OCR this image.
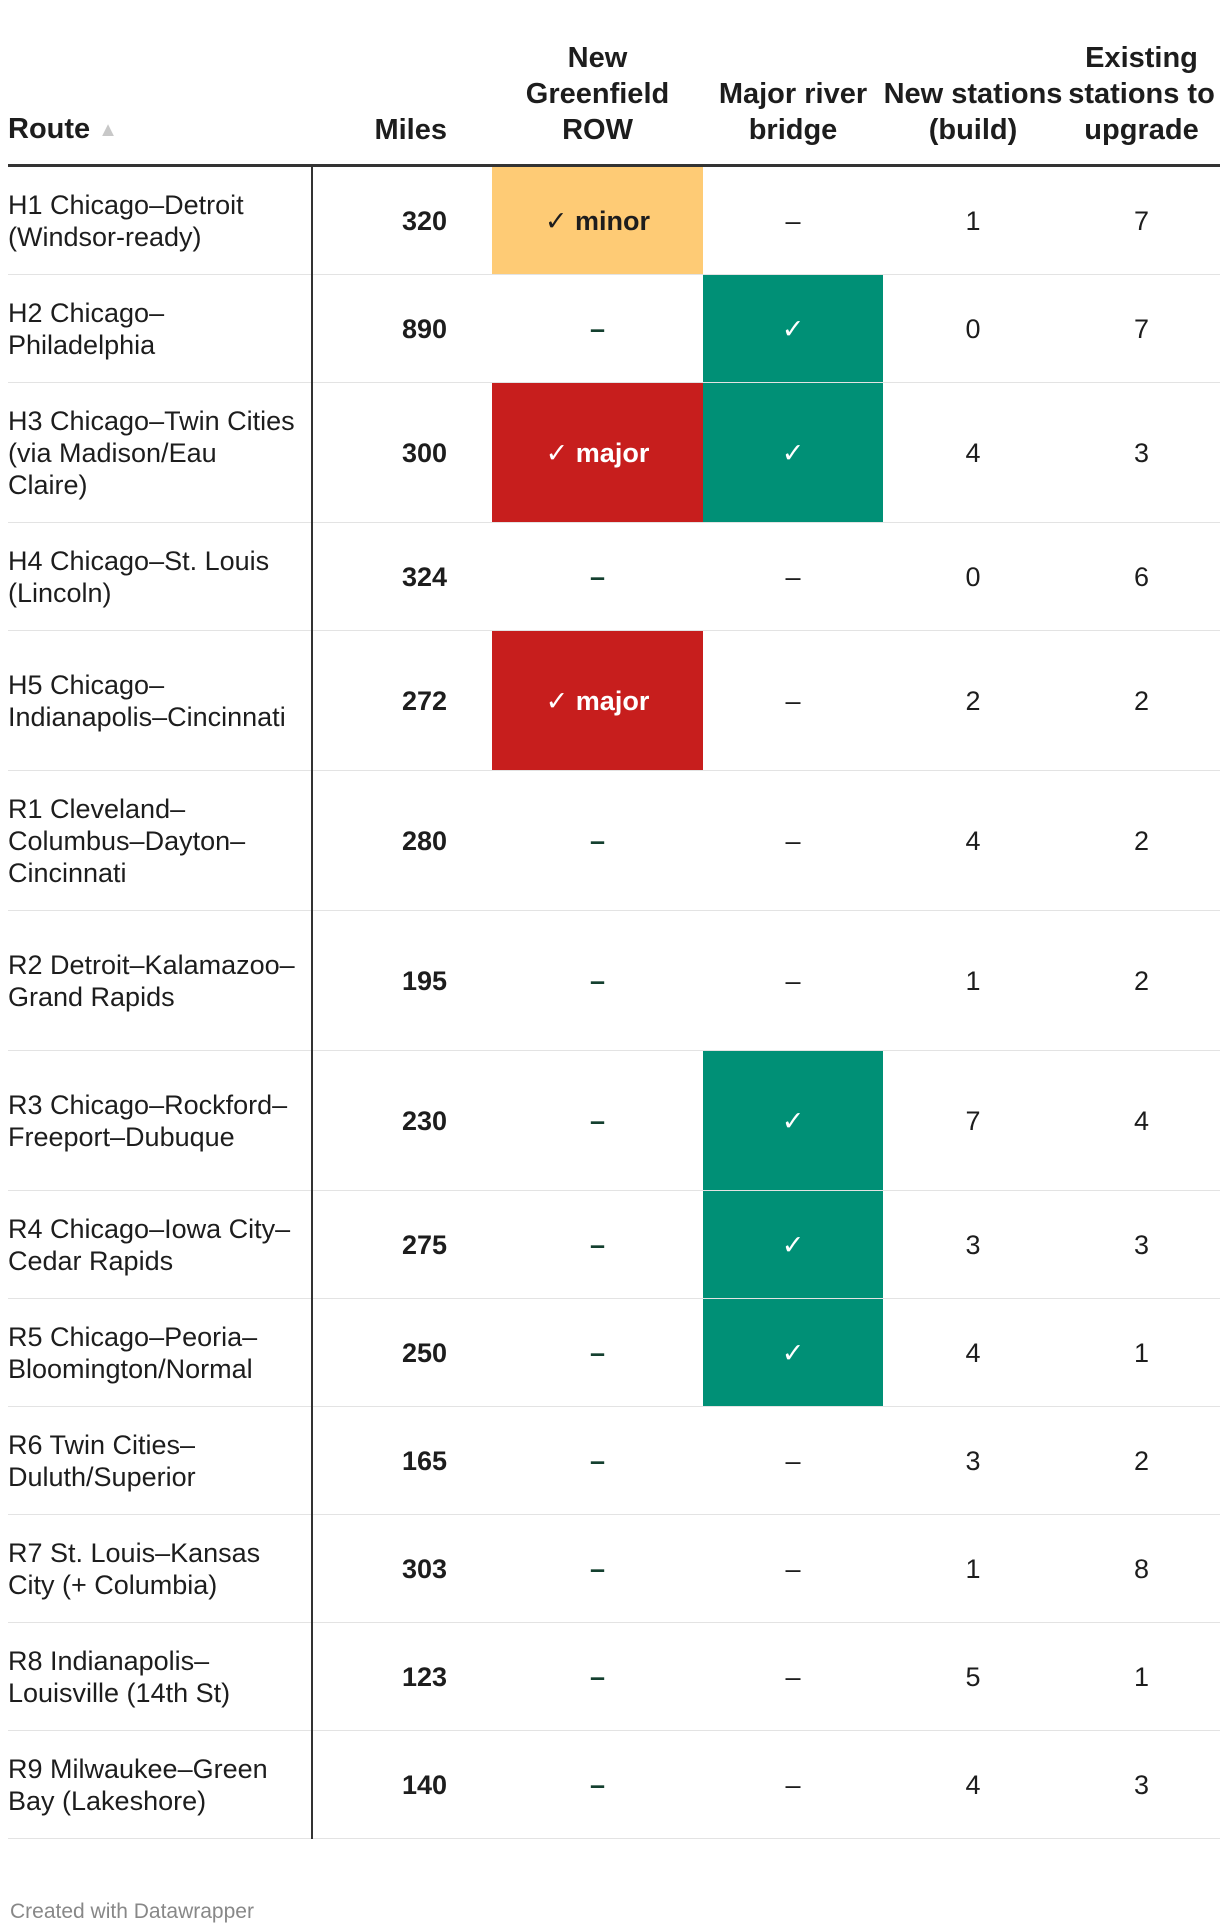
Route ▲	Miles	New Greenfield ROW	Major river bridge	New stations (build)	Existing stations to upgrade
H1 Chicago–Detroit (Windsor-ready)	320	✓ minor	–	1	7
H2 Chicago–Philadelphia	890	–	✓	0	7
H3 Chicago–Twin Cities (via Madison/Eau Claire)	300	✓ major	✓	4	3
H4 Chicago–St. Louis (Lincoln)	324	–	–	0	6
H5 Chicago–Indianapolis–Cincinnati	272	✓ major	–	2	2
R1 Cleveland–Columbus–Dayton–Cincinnati	280	–	–	4	2
R2 Detroit–Kalamazoo–Grand Rapids	195	–	–	1	2
R3 Chicago–Rockford–Freeport–Dubuque	230	–	✓	7	4
R4 Chicago–Iowa City–Cedar Rapids	275	–	✓	3	3
R5 Chicago–Peoria–Bloomington/Normal	250	–	✓	4	1
R6 Twin Cities–Duluth/Superior	165	–	–	3	2
R7 St. Louis–Kansas City (+ Columbia)	303	–	–	1	8
R8 Indianapolis–Louisville (14th St)	123	–	–	5	1
R9 Milwaukee–Green Bay (Lakeshore)	140	–	–	4	3
Created with Datawrapper
